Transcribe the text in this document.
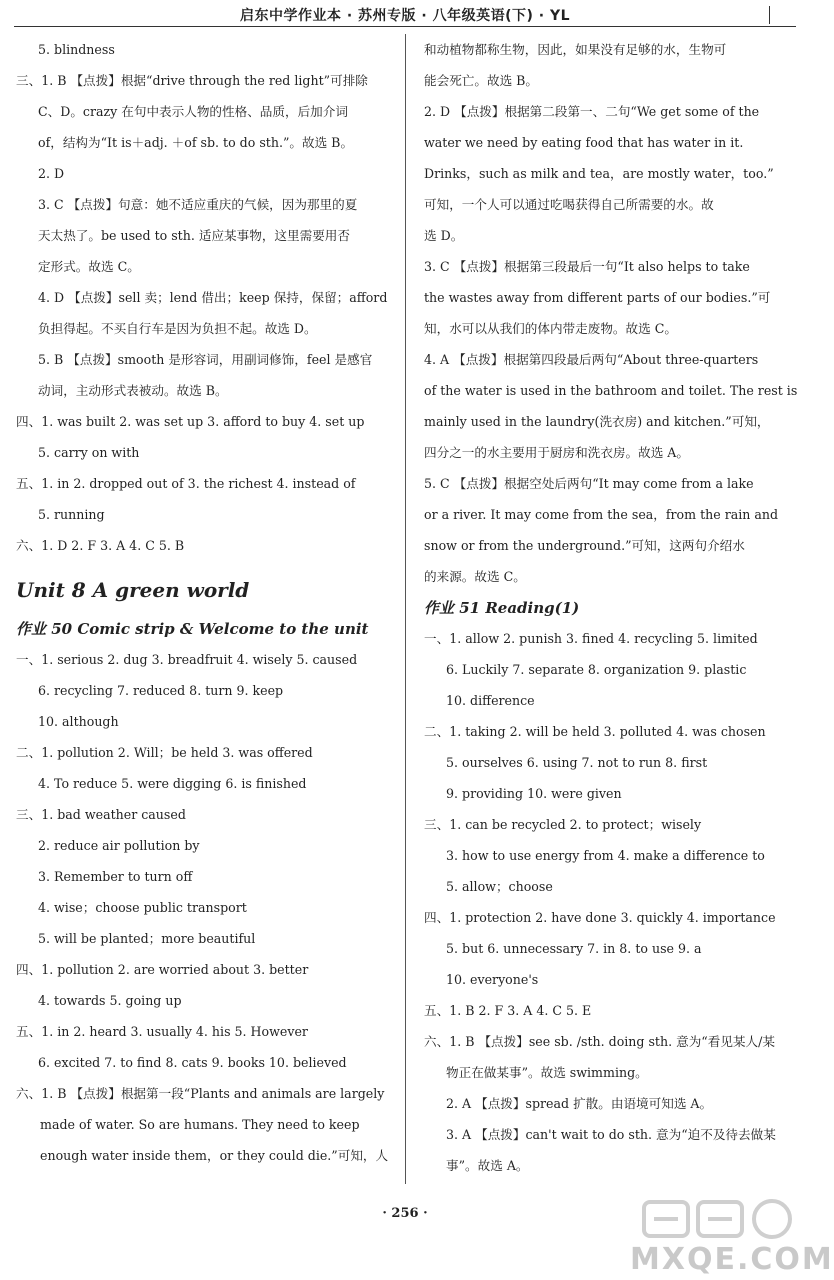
启东中学作业本 · 苏州专版 · 八年级英语(下) · YL
5. blindness
三、1. B 【点拨】根据“drive through the red light”可排除
C、D。crazy 在句中表示人物的性格、品质，后加介词
of，结构为“It is＋adj. ＋of sb. to do sth.”。故选 B。
2. D
3. C 【点拨】句意：她不适应重庆的气候，因为那里的夏
天太热了。be used to sth. 适应某事物，这里需要用否
定形式。故选 C。
4. D 【点拨】sell 卖；lend 借出；keep 保持，保留；afford
负担得起。不买自行车是因为负担不起。故选 D。
5. B 【点拨】smooth 是形容词，用副词修饰，feel 是感官
动词，主动形式表被动。故选 B。
四、1. was built 2. was set up 3. afford to buy 4. set up
5. carry on with
五、1. in 2. dropped out of 3. the richest 4. instead of
5. running
六、1. D 2. F 3. A 4. C 5. B
Unit 8 A green world
作业 50 Comic strip & Welcome to the unit
一、1. serious 2. dug 3. breadfruit 4. wisely 5. caused
6. recycling 7. reduced 8. turn 9. keep
10. although
二、1. pollution 2. Will；be held 3. was offered
4. To reduce 5. were digging 6. is finished
三、1. bad weather caused
2. reduce air pollution by
3. Remember to turn off
4. wise；choose public transport
5. will be planted；more beautiful
四、1. pollution 2. are worried about 3. better
4. towards 5. going up
五、1. in 2. heard 3. usually 4. his 5. However
6. excited 7. to find 8. cats 9. books 10. believed
六、1. B 【点拨】根据第一段“Plants and animals are largely
made of water. So are humans. They need to keep
enough water inside them，or they could die.”可知，人
和动植物都称生物，因此，如果没有足够的水，生物可
能会死亡。故选 B。
2. D 【点拨】根据第二段第一、二句“We get some of the
water we need by eating food that has water in it.
Drinks，such as milk and tea，are mostly water，too.”
可知，一个人可以通过吃喝获得自己所需要的水。故
选 D。
3. C 【点拨】根据第三段最后一句“It also helps to take
the wastes away from different parts of our bodies.”可
知，水可以从我们的体内带走废物。故选 C。
4. A 【点拨】根据第四段最后两句“About three-quarters
of the water is used in the bathroom and toilet. The rest is
mainly used in the laundry(洗衣房) and kitchen.”可知，
四分之一的水主要用于厨房和洗衣房。故选 A。
5. C 【点拨】根据空处后两句“It may come from a lake
or a river. It may come from the sea，from the rain and
snow or from the underground.”可知，这两句介绍水
的来源。故选 C。
作业 51 Reading(1)
一、1. allow 2. punish 3. fined 4. recycling 5. limited
6. Luckily 7. separate 8. organization 9. plastic
10. difference
二、1. taking 2. will be held 3. polluted 4. was chosen
5. ourselves 6. using 7. not to run 8. first
9. providing 10. were given
三、1. can be recycled 2. to protect；wisely
3. how to use energy from 4. make a difference to
5. allow；choose
四、1. protection 2. have done 3. quickly 4. importance
5. but 6. unnecessary 7. in 8. to use 9. a
10. everyone's
五、1. B 2. F 3. A 4. C 5. E
六、1. B 【点拨】see sb. /sth. doing sth. 意为“看见某人/某
物正在做某事”。故选 swimming。
2. A 【点拨】spread 扩散。由语境可知选 A。
3. A 【点拨】can't wait to do sth. 意为“迫不及待去做某
事”。故选 A。
· 256 ·
MXQE.COM
